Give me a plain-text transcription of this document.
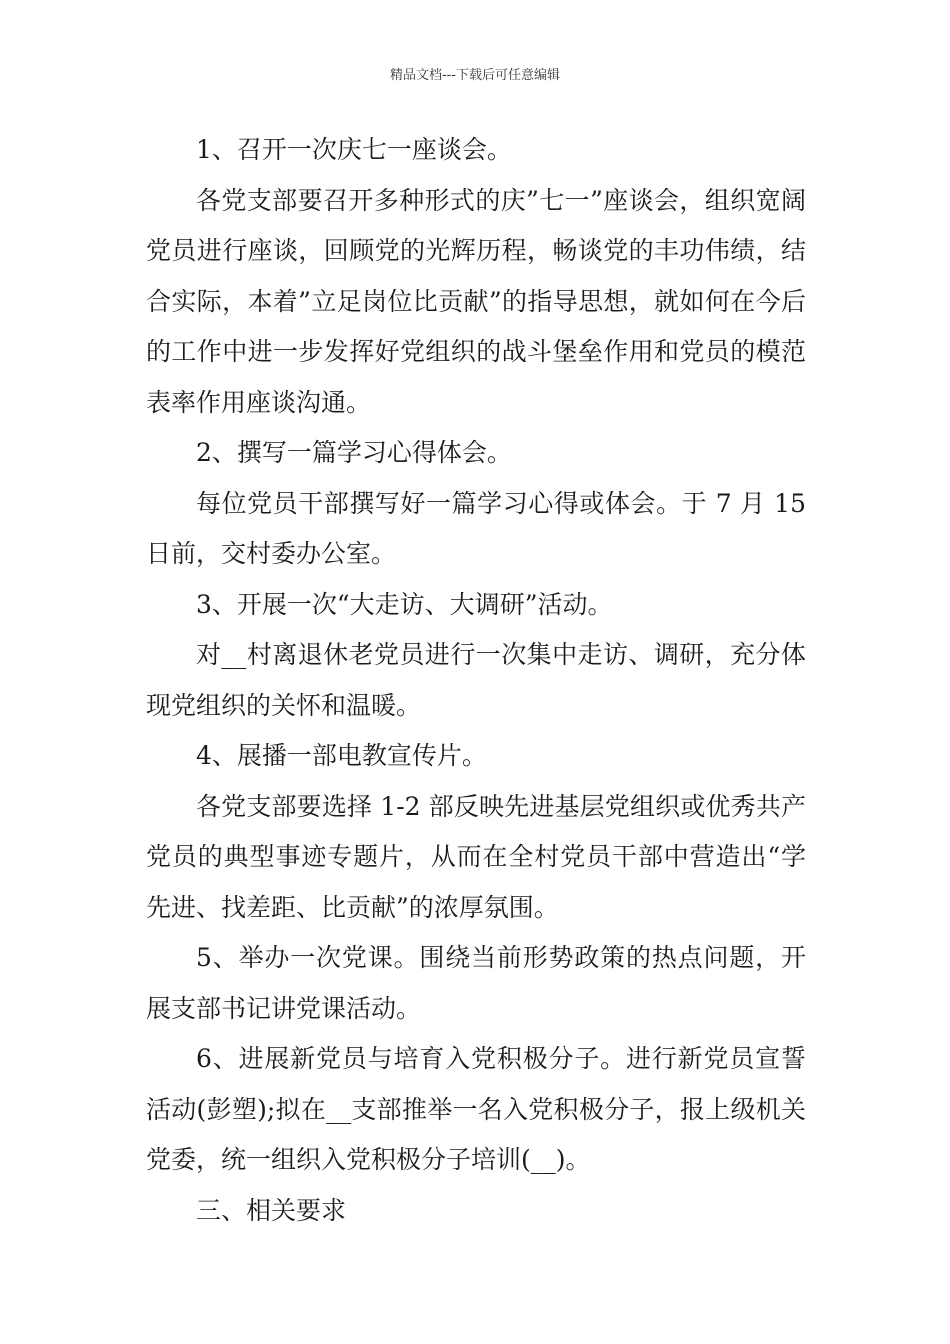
精品文档---下载后可任意编辑

1、召开一次庆七一座谈会。

各党支部要召开多种形式的庆”七一”座谈会，组织宽阔党员进行座谈，回顾党的光辉历程，畅谈党的丰功伟绩，结合实际，本着”立足岗位比贡献”的指导思想，就如何在今后的工作中进一步发挥好党组织的战斗堡垒作用和党员的模范表率作用座谈沟通。

2、撰写一篇学习心得体会。

每位党员干部撰写好一篇学习心得或体会。于 7 月 15 日前，交村委办公室。

3、开展一次“大走访、大调研”活动。

对__村离退休老党员进行一次集中走访、调研，充分体现党组织的关怀和温暖。

4、展播一部电教宣传片。

各党支部要选择 1-2 部反映先进基层党组织或优秀共产党员的典型事迹专题片，从而在全村党员干部中营造出“学先进、找差距、比贡献”的浓厚氛围。

5、举办一次党课。围绕当前形势政策的热点问题，开展支部书记讲党课活动。

6、进展新党员与培育入党积极分子。进行新党员宣誓活动(彭塑);拟在__支部推举一名入党积极分子，报上级机关党委，统一组织入党积极分子培训(__)。

三、相关要求
